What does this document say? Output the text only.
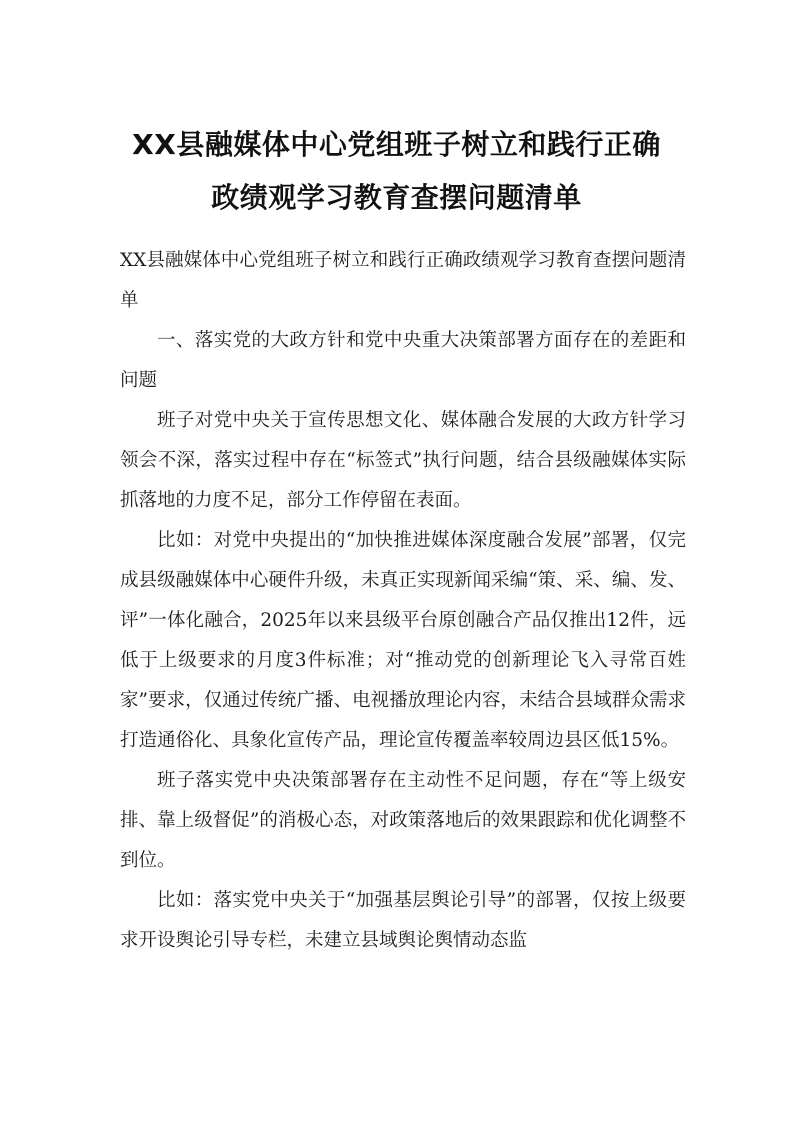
XX县融媒体中心党组班子树立和践行正确
政绩观学习教育查摆问题清单

XX县融媒体中心党组班子树立和践行正确政绩观学习教育查摆问题清单

一、落实党的大政方针和党中央重大决策部署方面存在的差距和问题

班子对党中央关于宣传思想文化、媒体融合发展的大政方针学习领会不深，落实过程中存在“标签式”执行问题，结合县级融媒体实际抓落地的力度不足，部分工作停留在表面。

比如：对党中央提出的“加快推进媒体深度融合发展”部署，仅完成县级融媒体中心硬件升级，未真正实现新闻采编“策、采、编、发、评”一体化融合，2025年以来县级平台原创融合产品仅推出12件，远低于上级要求的月度3件标准；对“推动党的创新理论飞入寻常百姓家”要求，仅通过传统广播、电视播放理论内容，未结合县域群众需求打造通俗化、具象化宣传产品，理论宣传覆盖率较周边县区低15%。

班子落实党中央决策部署存在主动性不足问题，存在“等上级安排、靠上级督促”的消极心态，对政策落地后的效果跟踪和优化调整不到位。

比如：落实党中央关于“加强基层舆论引导”的部署，仅按上级要求开设舆论引导专栏，未建立县域舆论舆情动态监
